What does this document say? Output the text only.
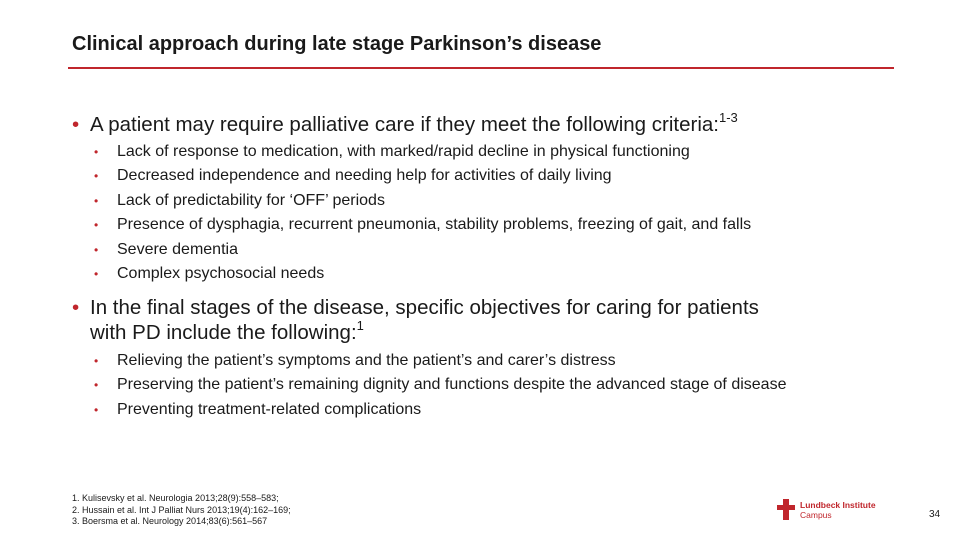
Clinical approach during late stage Parkinson’s disease
• A patient may require palliative care if they meet the following criteria:$^{1-3}$
• Lack of response to medication, with marked/rapid decline in physical functioning
• Decreased independence and needing help for activities of daily living
• Lack of predictability for ‘OFF’ periods
• Presence of dysphagia, recurrent pneumonia, stability problems, freezing of gait, and falls
• Severe dementia
• Complex psychosocial needs
• In the final stages of the disease, specific objectives for caring for patients
with PD include the following:$^1$
• Relieving the patient’s symptoms and the patient’s and carer’s distress
• Preserving the patient’s remaining dignity and functions despite the advanced stage of disease
• Preventing treatment-related complications
1. Kulisevsky et al. Neurologia 2013;28(9):558–583;
2. Hussain et al. Int J Palliat Nurs 2013;19(4):162–169;
3. Boersma et al. Neurology 2014;83(6):561–567
Lundbeck Institute
Campus	34
